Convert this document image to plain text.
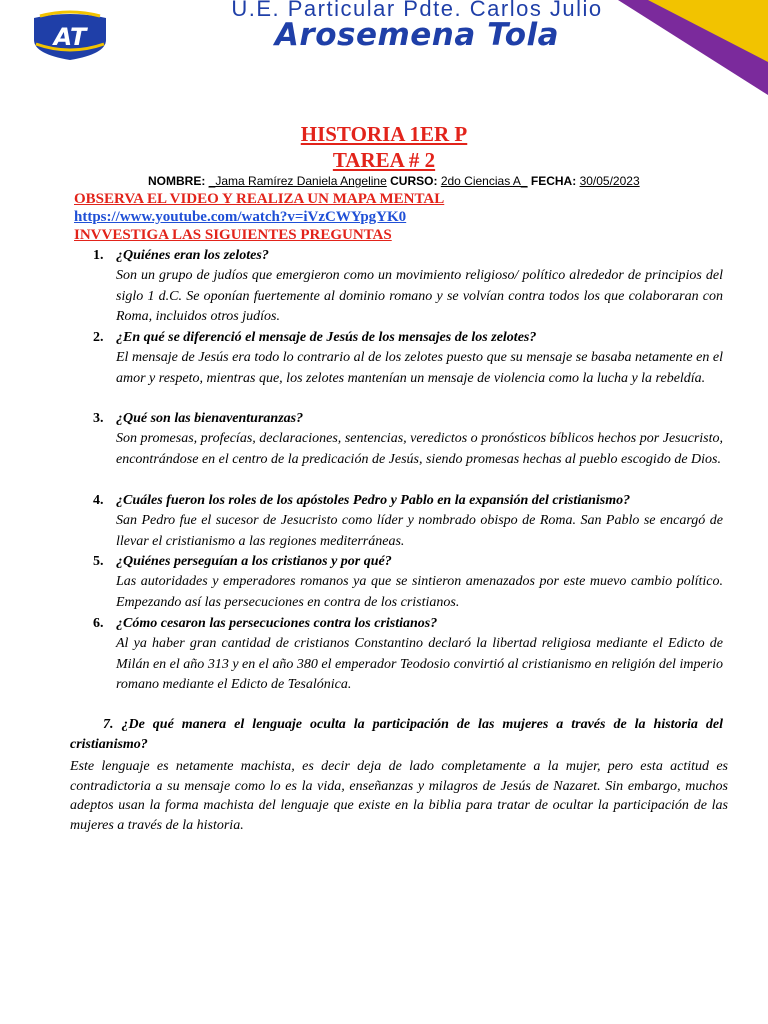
AT
U.E. Particular Pdte. Carlos Julio
Arosemena Tola
HISTORIA 1ER P
TAREA # 2
NOMBRE: _Jama Ramírez Daniela Angeline CURSO: 2do Ciencias A_ FECHA: 30/05/2023

OBSERVA EL VIDEO Y REALIZA UN MAPA MENTAL

https://www.youtube.com/watch?v=iVzCWYpgYK0

INVVESTIGA LAS SIGUIENTES PREGUNTAS

1. ¿Quiénes eran los zelotes?
Son un grupo de judíos que emergieron como un movimiento religioso/ político alrededor de principios del siglo 1 d.C. Se oponían fuertemente al dominio romano y se volvían contra todos los que colaboraran con Roma, incluidos otros judíos.
2. ¿En qué se diferenció el mensaje de Jesús de los mensajes de los zelotes?
El mensaje de Jesús era todo lo contrario al de los zelotes puesto que su mensaje se basaba netamente en el amor y respeto, mientras que, los zelotes mantenían un mensaje de violencia como la lucha y la rebeldía.
3. ¿Qué son las bienaventuranzas?
Son promesas, profecías, declaraciones, sentencias, veredictos o pronósticos bíblicos hechos por Jesucristo, encontrándose en el centro de la predicación de Jesús, siendo promesas hechas al pueblo escogido de Dios.
4. ¿Cuáles fueron los roles de los apóstoles Pedro y Pablo en la expansión del cristianismo?
San Pedro fue el sucesor de Jesucristo como líder y nombrado obispo de Roma. San Pablo se encargó de llevar el cristianismo a las regiones mediterráneas.
5. ¿Quiénes perseguían a los cristianos y por qué?
Las autoridades y emperadores romanos ya que se sintieron amenazados por este muevo cambio político. Empezando así las persecuciones en contra de los cristianos.
6. ¿Cómo cesaron las persecuciones contra los cristianos?
Al ya haber gran cantidad de cristianos Constantino declaró la libertad religiosa mediante el Edicto de Milán en el año 313 y en el año 380 el emperador Teodosio convirtió al cristianismo en religión del imperio romano mediante el Edicto de Tesalónica.
7. ¿De qué manera el lenguaje oculta la participación de las mujeres a través de la historia del cristianismo?
Este lenguaje es netamente machista, es decir deja de lado completamente a la mujer, pero esta actitud es contradictoria a su mensaje como lo es la vida, enseñanzas y milagros de Jesús de Nazaret. Sin embargo, muchos adeptos usan la forma machista del lenguaje que existe en la biblia para tratar de ocultar la participación de las mujeres a través de la historia.
